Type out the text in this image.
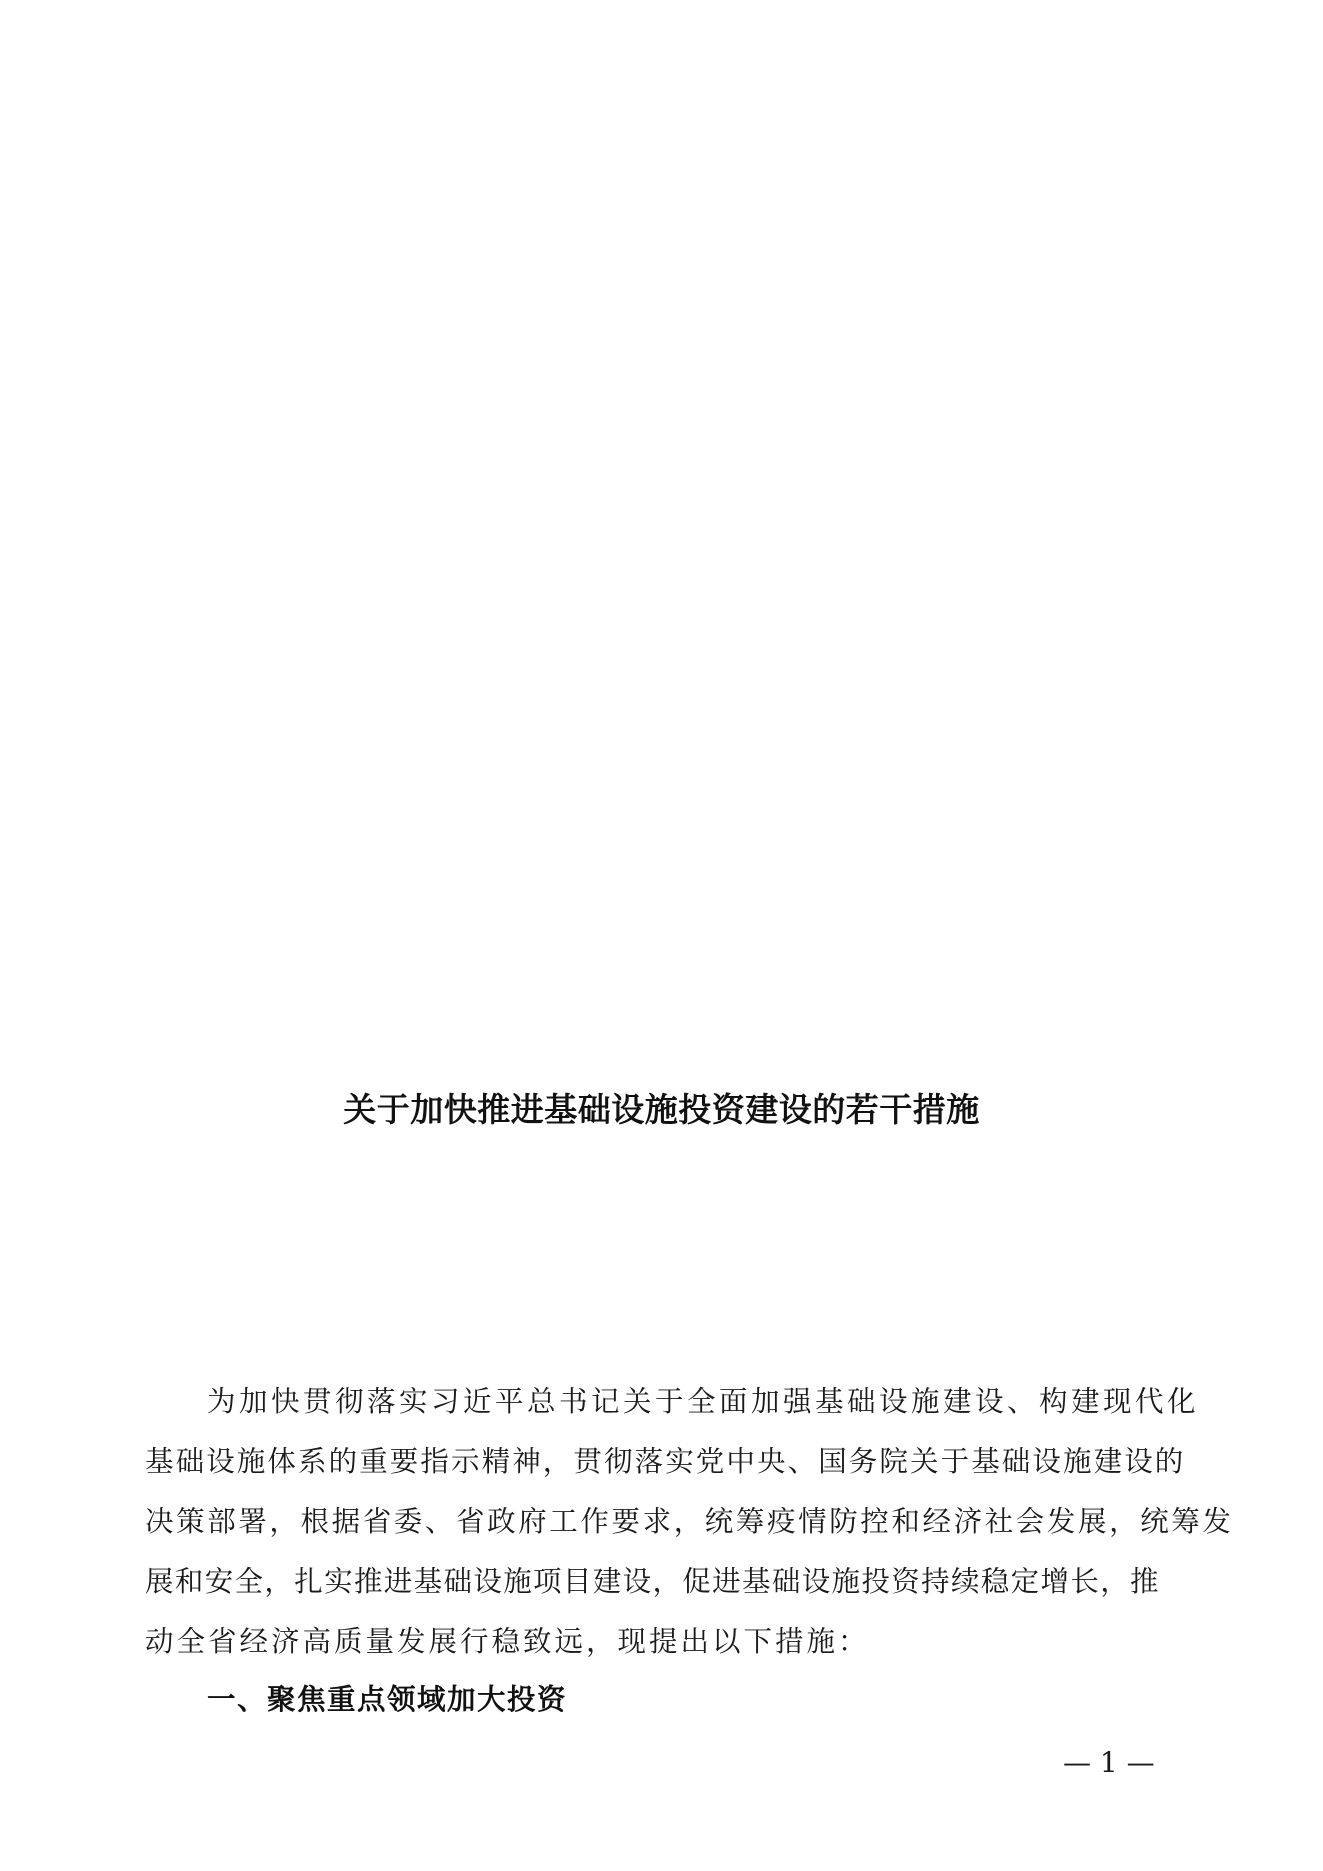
关于加快推进基础设施投资建设的若干措施
为加快贯彻落实习近平总书记关于全面加强基础设施建设、构建现代化
基础设施体系的重要指示精神，贯彻落实党中央、国务院关于基础设施建设的
决策部署，根据省委、省政府工作要求，统筹疫情防控和经济社会发展，统筹发
展和安全，扎实推进基础设施项目建设，促进基础设施投资持续稳定增长，推
动全省经济高质量发展行稳致远，现提出以下措施：
一、聚焦重点领域加大投资
— 1 —
